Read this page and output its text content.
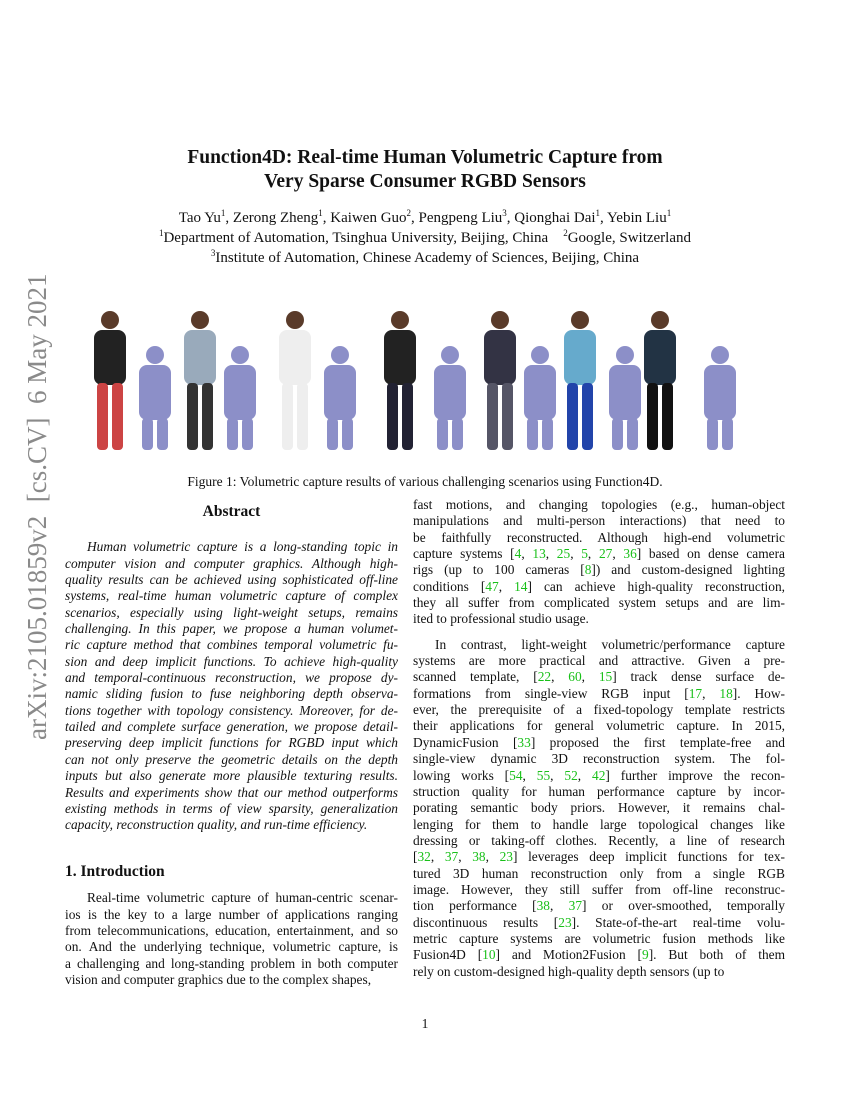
arXiv:2105.01859v2  [cs.CV]  6 May 2021
Function4D: Real-time Human Volumetric Capture from
Very Sparse Consumer RGBD Sensors
Tao Yu$^1$, Zerong Zheng$^1$, Kaiwen Guo$^2$, Pengpeng Liu$^3$, Qionghai Dai$^1$, Yebin Liu$^1$
$^1$Department of Automation, Tsinghua University, Beijing, China $^2$Google, Switzerland
$^3$Institute of Automation, Chinese Academy of Sciences, Beijing, China
Figure 1: Volumetric capture results of various challenging scenarios using Function4D.
Abstract
Human volumetric capture is a long-standing topic in
computer vision and computer graphics. Although high-
quality results can be achieved using sophisticated off-line
systems, real-time human volumetric capture of complex
scenarios, especially using light-weight setups, remains
challenging. In this paper, we propose a human volumet-
ric capture method that combines temporal volumetric fu-
sion and deep implicit functions. To achieve high-quality
and temporal-continuous reconstruction, we propose dy-
namic sliding fusion to fuse neighboring depth observa-
tions together with topology consistency. Moreover, for de-
tailed and complete surface generation, we propose detail-
preserving deep implicit functions for RGBD input which
can not only preserve the geometric details on the depth
inputs but also generate more plausible texturing results.
Results and experiments show that our method outperforms
existing methods in terms of view sparsity, generalization
capacity, reconstruction quality, and run-time efficiency.
1. Introduction
Real-time volumetric capture of human-centric scenar-
ios is the key to a large number of applications ranging
from telecommunications, education, entertainment, and so
on. And the underlying technique, volumetric capture, is
a challenging and long-standing problem in both computer
vision and computer graphics due to the complex shapes,
fast motions, and changing topologies (e.g., human-object
manipulations and multi-person interactions) that need to
be faithfully reconstructed. Although high-end volumetric
capture systems [4, 13, 25, 5, 27, 36] based on dense camera
rigs (up to 100 cameras [8]) and custom-designed lighting
conditions [47, 14] can achieve high-quality reconstruction,
they all suffer from complicated system setups and are lim-
ited to professional studio usage.
In contrast, light-weight volumetric/performance capture
systems are more practical and attractive. Given a pre-
scanned template, [22, 60, 15] track dense surface de-
formations from single-view RGB input [17, 18]. How-
ever, the prerequisite of a fixed-topology template restricts
their applications for general volumetric capture. In 2015,
DynamicFusion [33] proposed the first template-free and
single-view dynamic 3D reconstruction system. The fol-
lowing works [54, 55, 52, 42] further improve the recon-
struction quality for human performance capture by incor-
porating semantic body priors. However, it remains chal-
lenging for them to handle large topological changes like
dressing or taking-off clothes. Recently, a line of research
[32, 37, 38, 23] leverages deep implicit functions for tex-
tured 3D human reconstruction only from a single RGB
image. However, they still suffer from off-line reconstruc-
tion performance [38, 37] or over-smoothed, temporally
discontinuous results [23]. State-of-the-art real-time volu-
metric capture systems are volumetric fusion methods like
Fusion4D [10] and Motion2Fusion [9]. But both of them
rely on custom-designed high-quality depth sensors (up to
1
